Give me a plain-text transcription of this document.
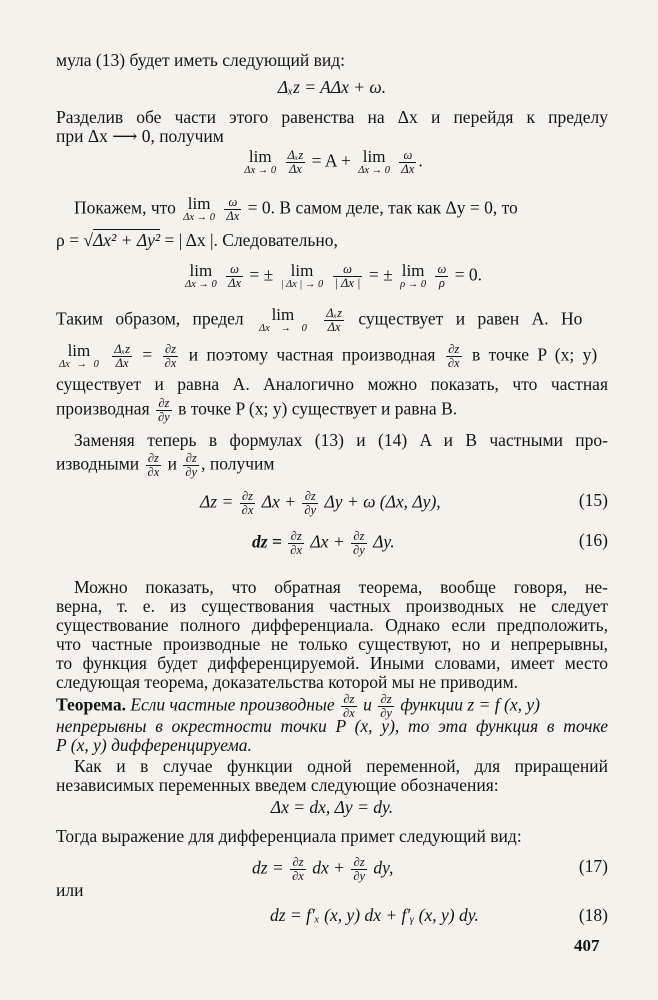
мула (13) будет иметь следующий вид:
Δₓz = AΔx + ω.
Разделив обе части этого равенства на Δx и перейдя к пределу
при Δx ⟶ 0, получим
lim
Δx → 0
$\frac{\text{Δₓz}}{\Delta x} = A + \lim$
Δx → 0
$\frac{\omega}{\Delta x}$ .
Покажем, что lim
Δx → 0
$\frac{\omega}{\Delta x} = 0$. В самом деле, так как Δy = 0, то
ρ = √Δx² + Δy² = | Δx |. Следовательно,
lim
Δx → 0
$\frac{\omega}{\Delta x}$ = ±	lim
| Δx | → 0
$\frac{\omega}{| \Delta x |}$ = ± lim
ρ → 0
$\frac{\omega}{\rho} = 0$.
Таким образом, предел	lim
Δx → 0
$\frac{\text{Δₓz}}{\Delta x}$ существует и равен A. Но
lim
Δx → 0
$\frac{\text{Δₓz}}{\Delta x} = \frac{\partial z}{\partial x}$ и поэтому частная производная $\frac{\partial z}{\partial x}$ в точке P (x; y)
существует и равна A. Аналогично можно показать, что частная
производная $\frac{\partial z}{\partial y}$ в точке P (x; y) существует и равна B.
Заменяя теперь в формулах (13) и (14) A и B частными про-
изводными $\frac{\partial z}{\partial x}$ и $\frac{\partial z}{\partial y}$ , получим
$\Delta z = \frac{\partial z}{\partial x}$ $\Delta x + \frac{\partial z}{\partial y}$ Δy + ω (Δx, Δy),	(15)
dz = $\frac{\partial z}{\partial x}$ $\Delta x + \frac{\partial z}{\partial y} \Delta y$.	(16)
Можно показать, что обратная теорема, вообще говоря, не-
верна, т. е. из существования частных производных не следует
существование полного дифференциала. Однако если предположить,
что частные производные не только существуют, но и непрерывны,
то функция будет дифференцируемой. Иными словами, имеет место
следующая теорема, доказательства которой мы не приводим.
Теорема. Если частные производные $\frac{\partial z}{\partial x}$ и $\frac{\partial z}{\partial y}$ функции z = f (x, y)
непрерывны в окрестности точки P (x, y), то эта функция в точке
P (x, y) дифференцируема.
Как и в случае функции одной переменной, для приращений
независимых переменных введем следующие обозначения:
Δx = dx, Δy = dy.
Тогда выражение для дифференциала примет следующий вид:
dz = $\frac{\partial z}{\partial x}$ dx + $\frac{\partial z}{\partial y}$ dy,	(17)
или
dz = f′ₓ (x, y) dx + f′ᵧ (x, y) dy.	(18)
407
